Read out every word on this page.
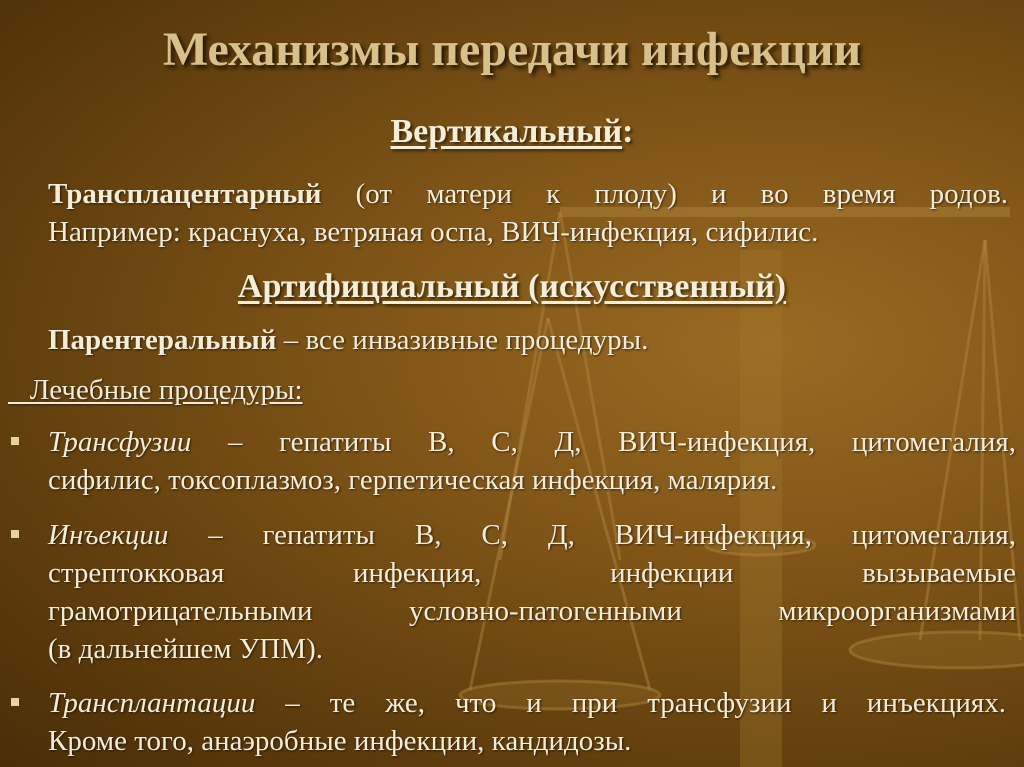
Механизмы передачи инфекции
Вертикальный:
Трансплацентарный (от матери к плоду) и во время родов.
Например: краснуха, ветряная оспа, ВИЧ-инфекция, сифилис.
Артифициальный (искусственный)
Парентеральный – все инвазивные процедуры.
Лечебные процедуры:
Трансфузии – гепатиты В, С, Д, ВИЧ-инфекция, цитомегалия,
сифилис, токсоплазмоз, герпетическая инфекция, малярия.
Инъекции – гепатиты В, С, Д, ВИЧ-инфекция, цитомегалия,
стрептокковая инфекция, инфекции вызываемые
грамотрицательными условно-патогенными микроорганизмами
(в дальнейшем УПМ).
Трансплантации – те же, что и при трансфузии и инъекциях.
Кроме того, анаэробные инфекции, кандидозы.
